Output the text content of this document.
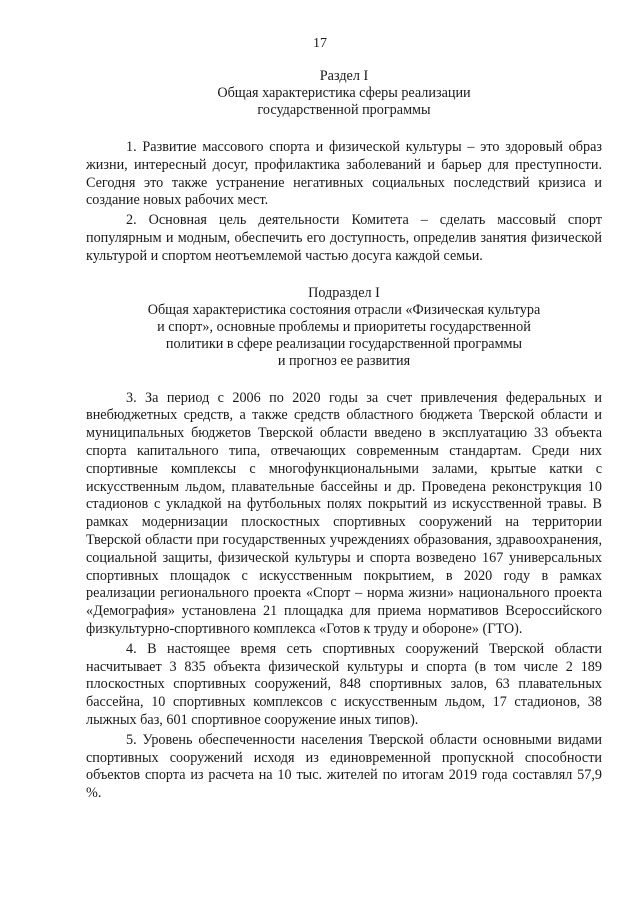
17
Раздел I
Общая характеристика сферы реализации
государственной программы

1. Развитие массового спорта и физической культуры – это здоровый образ жизни, интересный досуг, профилактика заболеваний и барьер для преступности. Сегодня это также устранение негативных социальных последствий кризиса и создание новых рабочих мест.

2. Основная цель деятельности Комитета – сделать массовый спорт популярным и модным, обеспечить его доступность, определив занятия физической культурой и спортом неотъемлемой частью досуга каждой семьи.

Подраздел I
Общая характеристика состояния отрасли «Физическая культура
и спорт», основные проблемы и приоритеты государственной
политики в сфере реализации государственной программы
и прогноз ее развития

3. За период с 2006 по 2020 годы за счет привлечения федеральных и внебюджетных средств, а также средств областного бюджета Тверской области и муниципальных бюджетов Тверской области введено в эксплуатацию 33 объекта спорта капитального типа, отвечающих современным стандартам. Среди них спортивные комплексы с многофункциональными залами, крытые катки с искусственным льдом, плавательные бассейны и др. Проведена реконструкция 10 стадионов с укладкой на футбольных полях покрытий из искусственной травы. В рамках модернизации плоскостных спортивных сооружений на территории Тверской области при государственных учреждениях образования, здравоохранения, социальной защиты, физической культуры и спорта возведено 167 универсальных спортивных площадок с искусственным покрытием, в 2020 году в рамках реализации регионального проекта «Спорт – норма жизни» национального проекта «Демография» установлена 21 площадка для приема нормативов Всероссийского физкультурно-спортивного комплекса «Готов к труду и обороне» (ГТО).

4. В настоящее время сеть спортивных сооружений Тверской области насчитывает 3 835 объекта физической культуры и спорта (в том числе 2 189 плоскостных спортивных сооружений, 848 спортивных залов, 63 плавательных бассейна, 10 спортивных комплексов с искусственным льдом, 17 стадионов, 38 лыжных баз, 601 спортивное сооружение иных типов).

5. Уровень обеспеченности населения Тверской области основными видами спортивных сооружений исходя из единовременной пропускной способности объектов спорта из расчета на 10 тыс. жителей по итогам 2019 года составлял 57,9 %.
